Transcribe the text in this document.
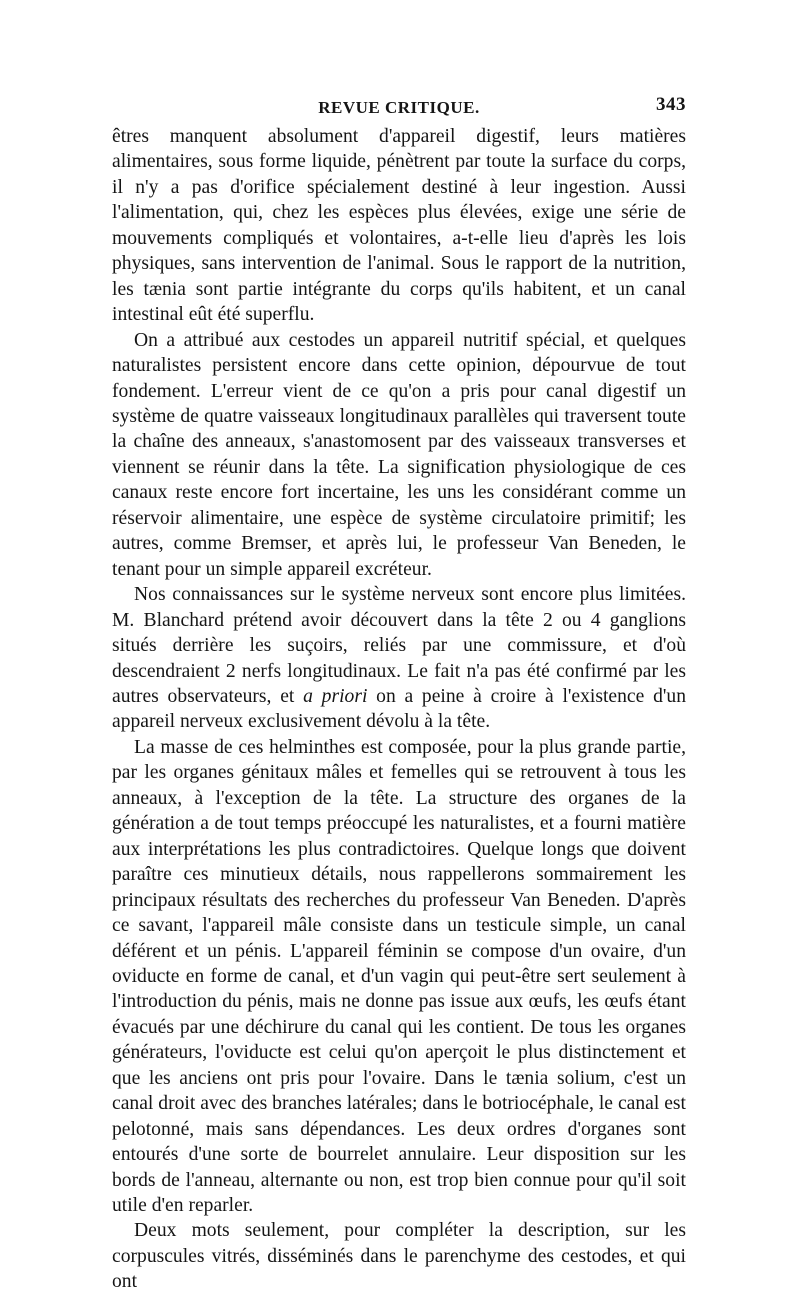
REVUE CRITIQUE.	343

êtres manquent absolument d'appareil digestif, leurs matières alimentaires, sous forme liquide, pénètrent par toute la surface du corps, il n'y a pas d'orifice spécialement destiné à leur ingestion. Aussi l'alimentation, qui, chez les espèces plus élevées, exige une série de mouvements compliqués et volontaires, a-t-elle lieu d'après les lois physiques, sans intervention de l'animal. Sous le rapport de la nutrition, les tænia sont partie intégrante du corps qu'ils habitent, et un canal intestinal eût été superflu.

On a attribué aux cestodes un appareil nutritif spécial, et quelques naturalistes persistent encore dans cette opinion, dépourvue de tout fondement. L'erreur vient de ce qu'on a pris pour canal digestif un système de quatre vaisseaux longitudinaux parallèles qui traversent toute la chaîne des anneaux, s'anastomosent par des vaisseaux transverses et viennent se réunir dans la tête. La signification physiologique de ces canaux reste encore fort incertaine, les uns les considérant comme un réservoir alimentaire, une espèce de système circulatoire primitif; les autres, comme Bremser, et après lui, le professeur Van Beneden, le tenant pour un simple appareil excréteur.

Nos connaissances sur le système nerveux sont encore plus limitées. M. Blanchard prétend avoir découvert dans la tête 2 ou 4 ganglions situés derrière les suçoirs, reliés par une commissure, et d'où descendraient 2 nerfs longitudinaux. Le fait n'a pas été confirmé par les autres observateurs, et a priori on a peine à croire à l'existence d'un appareil nerveux exclusivement dévolu à la tête.

La masse de ces helminthes est composée, pour la plus grande partie, par les organes génitaux mâles et femelles qui se retrouvent à tous les anneaux, à l'exception de la tête. La structure des organes de la génération a de tout temps préoccupé les naturalistes, et a fourni matière aux interprétations les plus contradictoires. Quelque longs que doivent paraître ces minutieux détails, nous rappellerons sommairement les principaux résultats des recherches du professeur Van Beneden. D'après ce savant, l'appareil mâle consiste dans un testicule simple, un canal déférent et un pénis. L'appareil féminin se compose d'un ovaire, d'un oviducte en forme de canal, et d'un vagin qui peut-être sert seulement à l'introduction du pénis, mais ne donne pas issue aux œufs, les œufs étant évacués par une déchirure du canal qui les contient. De tous les organes générateurs, l'oviducte est celui qu'on aperçoit le plus distinctement et que les anciens ont pris pour l'ovaire. Dans le tænia solium, c'est un canal droit avec des branches latérales; dans le botriocéphale, le canal est pelotonné, mais sans dépendances. Les deux ordres d'organes sont entourés d'une sorte de bourrelet annulaire. Leur disposition sur les bords de l'anneau, alternante ou non, est trop bien connue pour qu'il soit utile d'en reparler.

Deux mots seulement, pour compléter la description, sur les corpuscules vitrés, disséminés dans le parenchyme des cestodes, et qui ont
